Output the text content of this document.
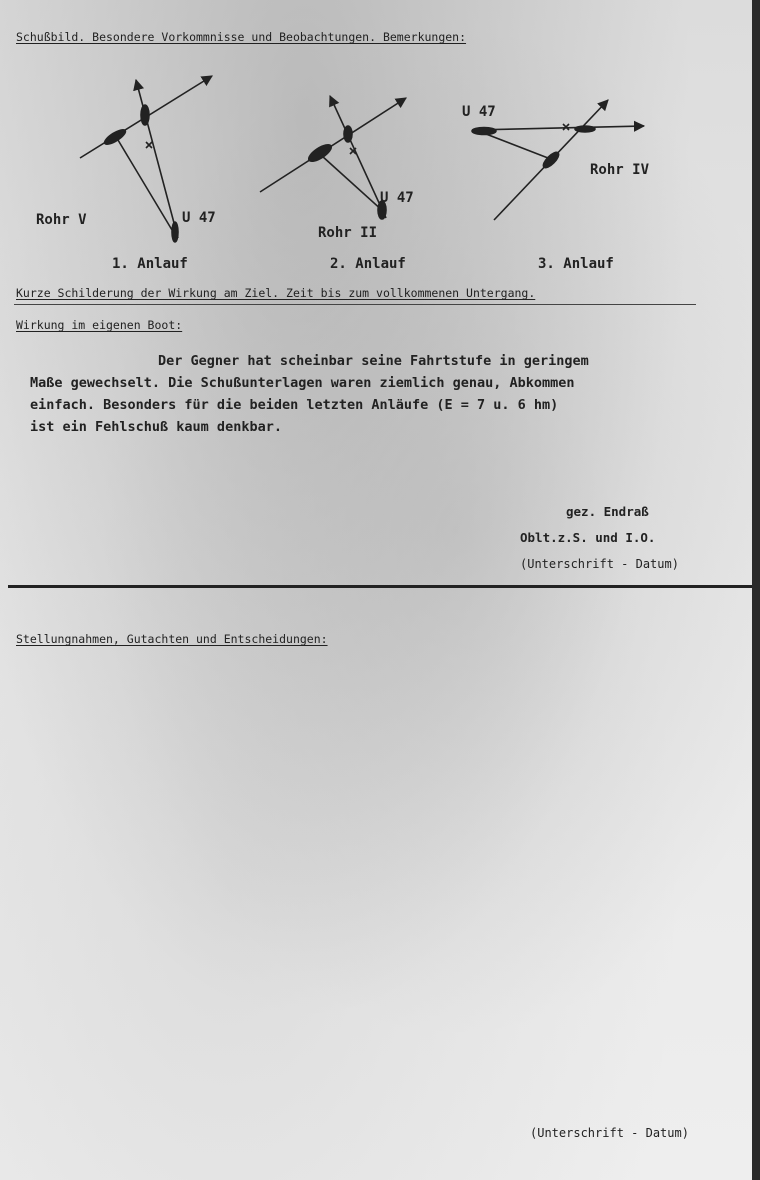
Schußbild. Besondere Vorkommnisse und Beobachtungen. Bemerkungen:
Rohr V	U 47
Rohr II
U 47
U 47
Rohr IV
1. Anlauf	2. Anlauf	3. Anlauf
Kurze Schilderung der Wirkung am Ziel. Zeit bis zum vollkommenen Untergang.
Wirkung im eigenen Boot:
Der Gegner hat scheinbar seine Fahrtstufe in geringem
Maße gewechselt. Die Schußunterlagen waren ziemlich genau, Abkommen
einfach. Besonders für die beiden letzten Anläufe (E = 7 u. 6 hm)
ist ein Fehlschuß kaum denkbar.
gez. Endraß
Oblt.z.S. und I.O.
(Unterschrift - Datum)
Stellungnahmen, Gutachten und Entscheidungen:
(Unterschrift - Datum)
